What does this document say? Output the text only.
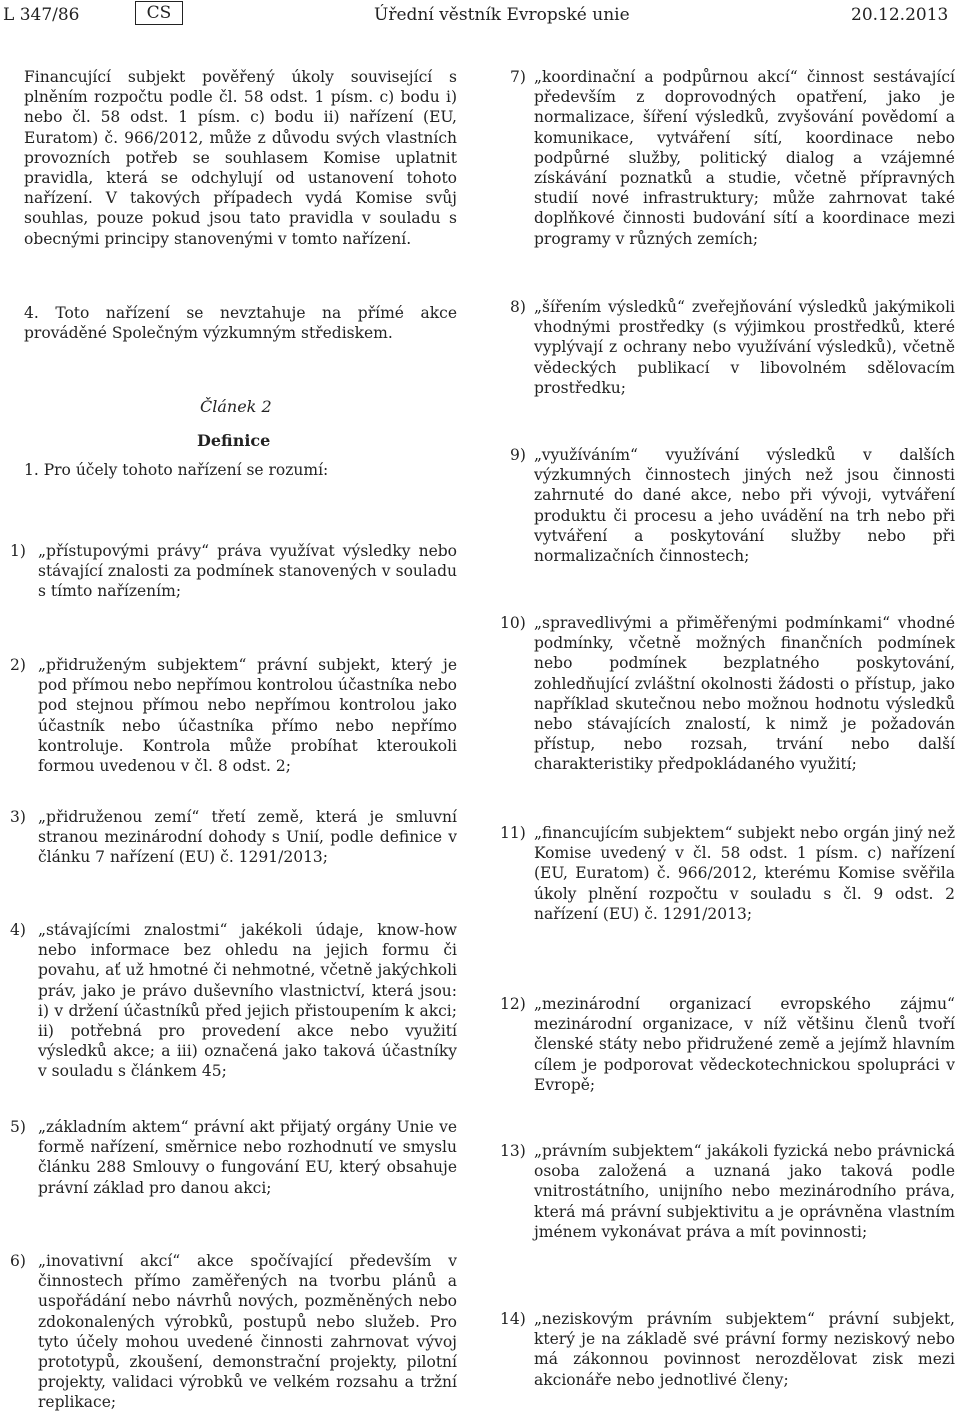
L 347/86	CS	Úřední věstník Evropské unie	20.12.2013

Financující subjekt pověřený úkoly související s plněním rozpočtu podle čl. 58 odst. 1 písm. c) bodu i) nebo čl. 58 odst. 1 písm. c) bodu ii) nařízení (EU, Euratom) č. 966/2012, může z důvodu svých vlastních provozních potřeb se souhlasem Komise uplatnit pravidla, která se odchylují od ustanovení tohoto nařízení. V takových případech vydá Komise svůj souhlas, pouze pokud jsou tato pravidla v souladu s obecnými principy stanovenými v tomto nařízení.

4. Toto nařízení se nevztahuje na přímé akce prováděné Společným výzkumným střediskem.

Článek 2
Definice
1. Pro účely tohoto nařízení se rozumí:
1) „přístupovými právy“ práva využívat výsledky nebo stávající znalosti za podmínek stanovených v souladu s tímto nařízením;
2) „přidruženým subjektem“ právní subjekt, který je pod přímou nebo nepřímou kontrolou účastníka nebo pod stejnou přímou nebo nepřímou kontrolou jako účastník nebo účastníka přímo nebo nepřímo kontroluje. Kontrola může probíhat kteroukoli formou uvedenou v čl. 8 odst. 2;
3) „přidruženou zemí“ třetí země, která je smluvní stranou mezinárodní dohody s Unií, podle definice v článku 7 nařízení (EU) č. 1291/2013;
4) „stávajícími znalostmi“ jakékoli údaje, know-how nebo informace bez ohledu na jejich formu či povahu, ať už hmotné či nehmotné, včetně jakýchkoli práv, jako je právo duševního vlastnictví, která jsou: i) v držení účastníků před jejich přistoupením k akci; ii) potřebná pro provedení akce nebo využití výsledků akce; a iii) označená jako taková účastníky v souladu s článkem 45;
5) „základním aktem“ právní akt přijatý orgány Unie ve formě nařízení, směrnice nebo rozhodnutí ve smyslu článku 288 Smlouvy o fungování EU, který obsahuje právní základ pro danou akci;
6) „inovativní akcí“ akce spočívající především v činnostech přímo zaměřených na tvorbu plánů a uspořádání nebo návrhů nových, pozměněných nebo zdokonalených výrobků, postupů nebo služeb. Pro tyto účely mohou uvedené činnosti zahrnovat vývoj prototypů, zkoušení, demonstrační projekty, pilotní projekty, validaci výrobků ve velkém rozsahu a tržní replikace;
7) „koordinační a podpůrnou akcí“ činnost sestávající především z doprovodných opatření, jako je normalizace, šíření výsledků, zvyšování povědomí a komunikace, vytváření sítí, koordinace nebo podpůrné služby, politický dialog a vzájemné získávání poznatků a studie, včetně přípravných studií nové infrastruktury; může zahrnovat také doplňkové činnosti budování sítí a koordinace mezi programy v různých zemích;
8) „šířením výsledků“ zveřejňování výsledků jakýmikoli vhodnými prostředky (s výjimkou prostředků, které vyplývají z ochrany nebo využívání výsledků), včetně vědeckých publikací v libovolném sdělovacím prostředku;
9) „využíváním“ využívání výsledků v dalších výzkumných činnostech jiných než jsou činnosti zahrnuté do dané akce, nebo při vývoji, vytváření produktu či procesu a jeho uvádění na trh nebo při vytváření a poskytování služby nebo při normalizačních činnostech;
10) „spravedlivými a přiměřenými podmínkami“ vhodné podmínky, včetně možných finančních podmínek nebo podmínek bezplatného poskytování, zohledňující zvláštní okolnosti žádosti o přístup, jako například skutečnou nebo možnou hodnotu výsledků nebo stávajících znalostí, k nimž je požadován přístup, nebo rozsah, trvání nebo další charakteristiky předpokládaného využití;
11) „financujícím subjektem“ subjekt nebo orgán jiný než Komise uvedený v čl. 58 odst. 1 písm. c) nařízení (EU, Euratom) č. 966/2012, kterému Komise svěřila úkoly plnění rozpočtu v souladu s čl. 9 odst. 2 nařízení (EU) č. 1291/2013;
12) „mezinárodní organizací evropského zájmu“ mezinárodní organizace, v níž většinu členů tvoří členské státy nebo přidružené země a jejímž hlavním cílem je podporovat vědeckotechnickou spolupráci v Evropě;
13) „právním subjektem“ jakákoli fyzická nebo právnická osoba založená a uznaná jako taková podle vnitrostátního, unijního nebo mezinárodního práva, která má právní subjektivitu a je oprávněna vlastním jménem vykonávat práva a mít povinnosti;
14) „neziskovým právním subjektem“ právní subjekt, který je na základě své právní formy neziskový nebo má zákonnou povinnost nerozdělovat zisk mezi akcionáře nebo jednotlivé členy;
